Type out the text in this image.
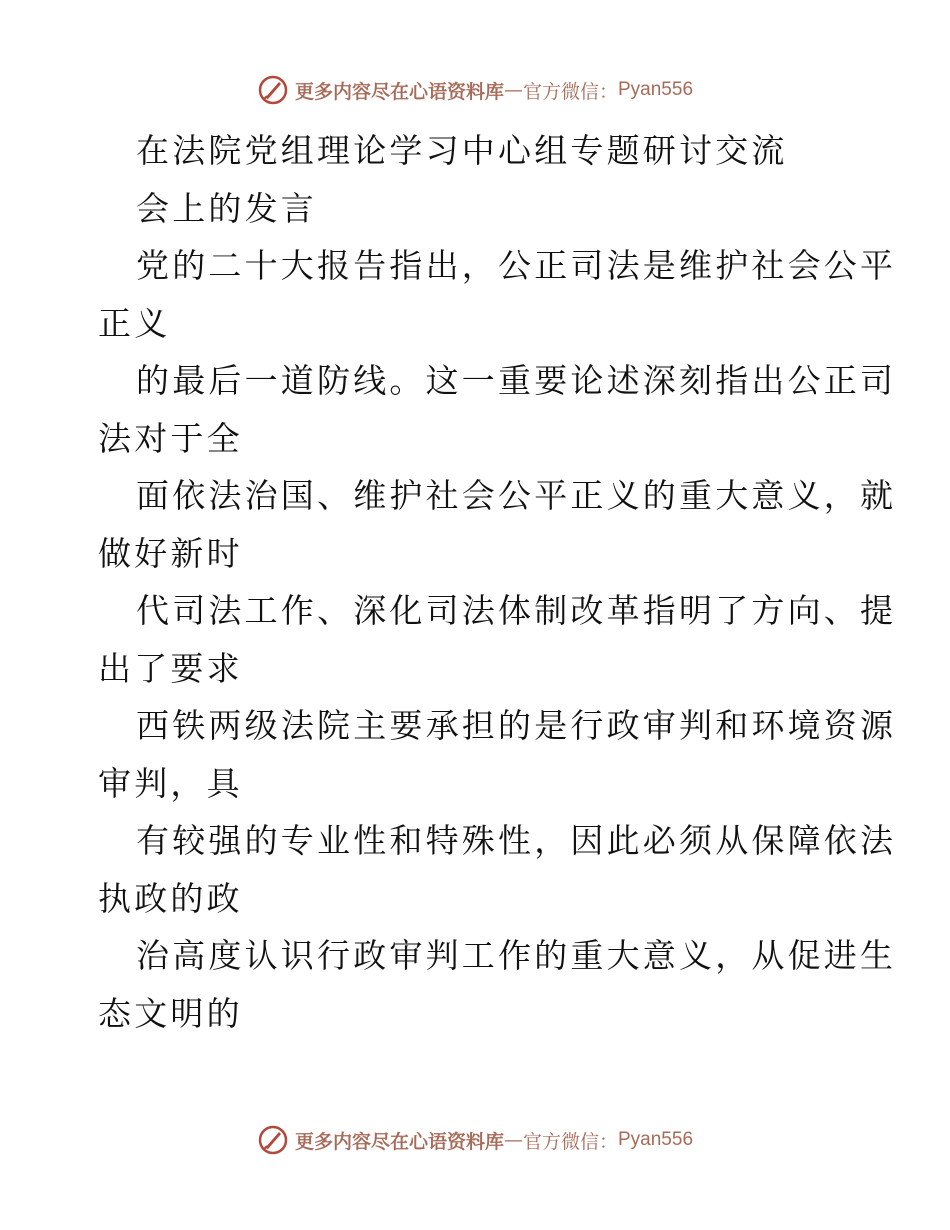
更多内容尽在心语资料库 — 官方微信： Pyan556
在法院党组理论学习中心组专题研讨交流
会上的发言
党的二十大报告指出，公正司法是维护社会公平
正义
的最后一道防线。这一重要论述深刻指出公正司
法对于全
面依法治国、维护社会公平正义的重大意义，就
做好新时
代司法工作、深化司法体制改革指明了方向、提
出了要求
西铁两级法院主要承担的是行政审判和环境资源
审判，具
有较强的专业性和特殊性，因此必须从保障依法
执政的政
治高度认识行政审判工作的重大意义，从促进生
态文明的
更多内容尽在心语资料库 — 官方微信： Pyan556
